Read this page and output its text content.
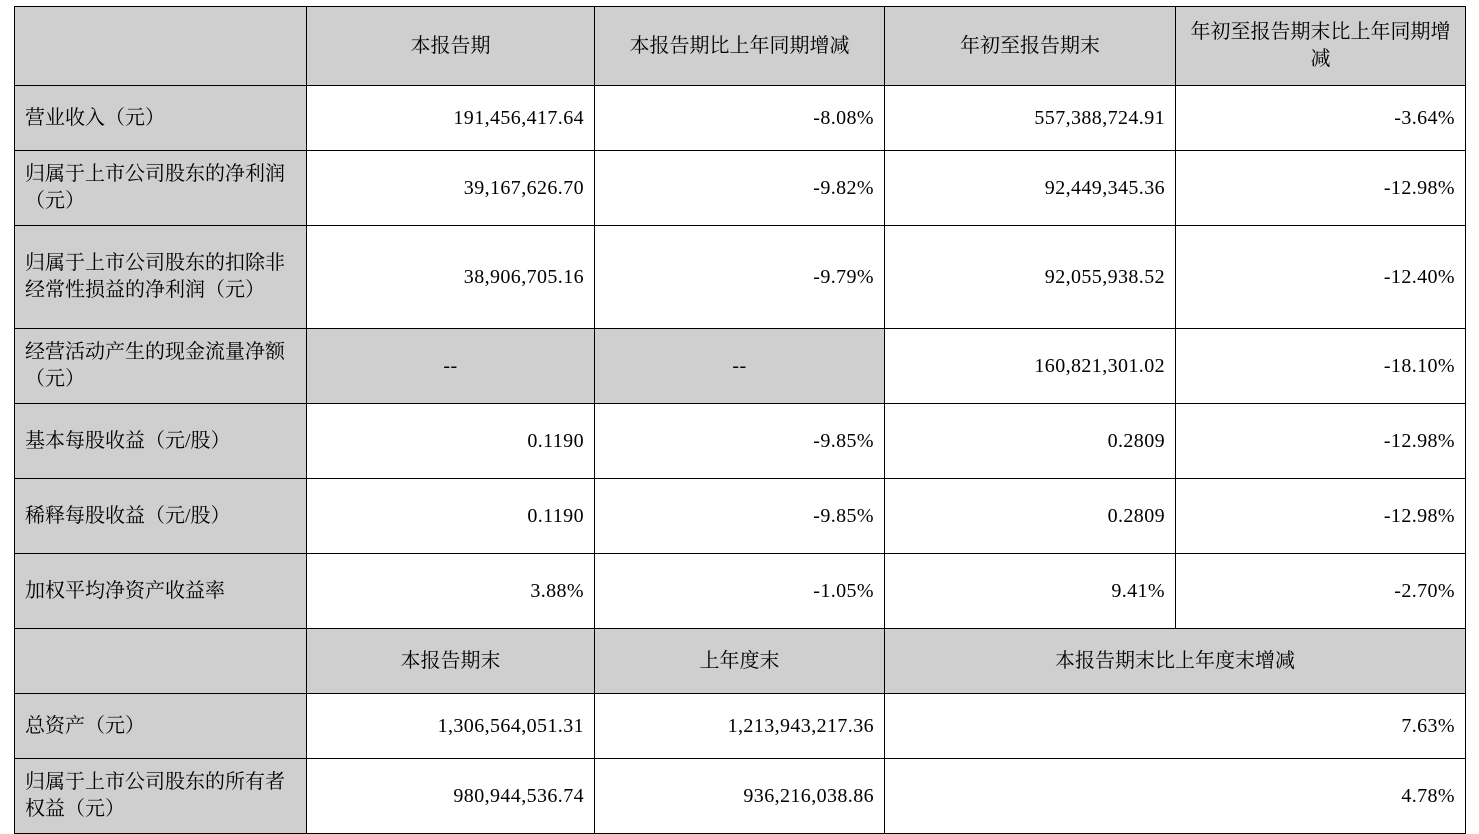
	本报告期	本报告期比上年同期增减	年初至报告期末	年初至报告期末比上年同期增减
营业收入（元）	191,456,417.64	-8.08%	557,388,724.91	-3.64%
归属于上市公司股东的净利润（元）	39,167,626.70	-9.82%	92,449,345.36	-12.98%
归属于上市公司股东的扣除非经常性损益的净利润（元）	38,906,705.16	-9.79%	92,055,938.52	-12.40%
经营活动产生的现金流量净额（元）	--	--	160,821,301.02	-18.10%
基本每股收益（元/股）	0.1190	-9.85%	0.2809	-12.98%
稀释每股收益（元/股）	0.1190	-9.85%	0.2809	-12.98%
加权平均净资产收益率	3.88%	-1.05%	9.41%	-2.70%
	本报告期末	上年度末	本报告期末比上年度末增减	
总资产（元）	1,306,564,051.31	1,213,943,217.36	7.63%	
归属于上市公司股东的所有者权益（元）	980,944,536.74	936,216,038.86	4.78%	
